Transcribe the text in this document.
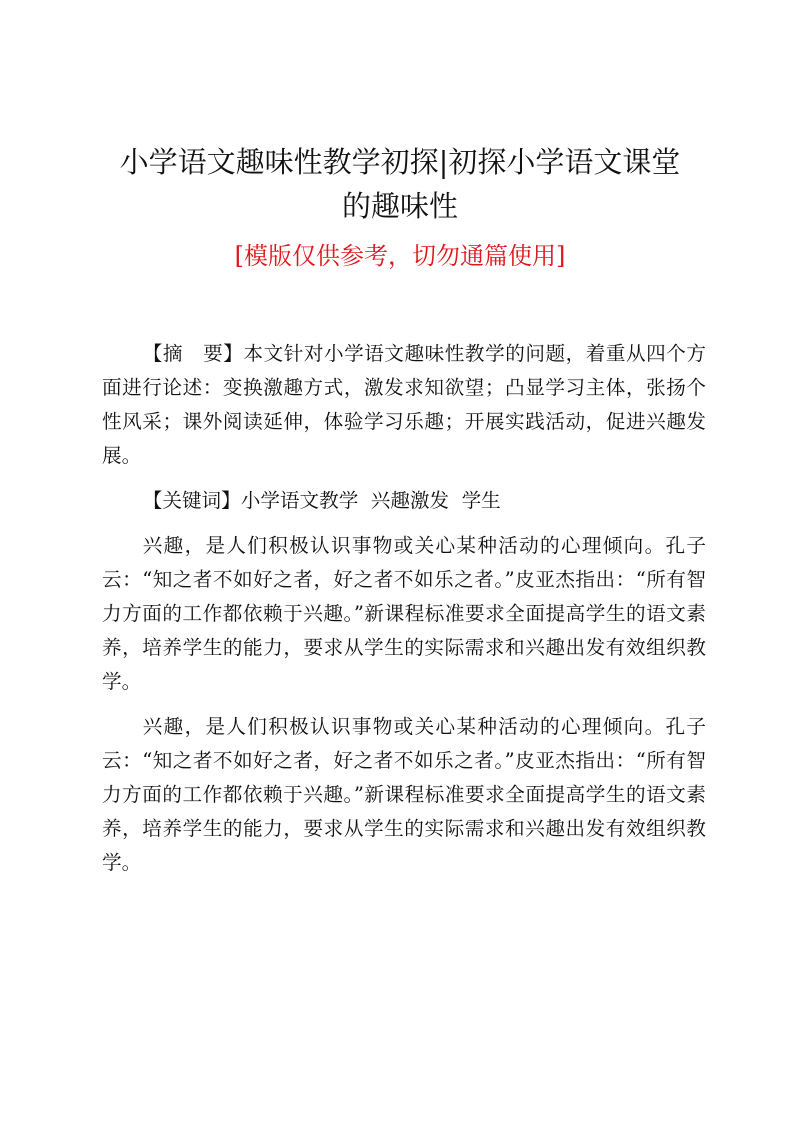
小学语文趣味性教学初探|初探小学语文课堂
的趣味性
[模版仅供参考，切勿通篇使用]

【摘　要】本文针对小学语文趣味性教学的问题，着重从四个方面进行论述：变换激趣方式，激发求知欲望；凸显学习主体，张扬个性风采；课外阅读延伸，体验学习乐趣；开展实践活动，促进兴趣发展。

【关键词】小学语文教学  兴趣激发  学生

兴趣，是人们积极认识事物或关心某种活动的心理倾向。孔子云：“知之者不如好之者，好之者不如乐之者。”皮亚杰指出：“所有智力方面的工作都依赖于兴趣。”新课程标准要求全面提高学生的语文素养，培养学生的能力，要求从学生的实际需求和兴趣出发有效组织教学。

兴趣，是人们积极认识事物或关心某种活动的心理倾向。孔子云：“知之者不如好之者，好之者不如乐之者。”皮亚杰指出：“所有智力方面的工作都依赖于兴趣。”新课程标准要求全面提高学生的语文素养，培养学生的能力，要求从学生的实际需求和兴趣出发有效组织教学。
